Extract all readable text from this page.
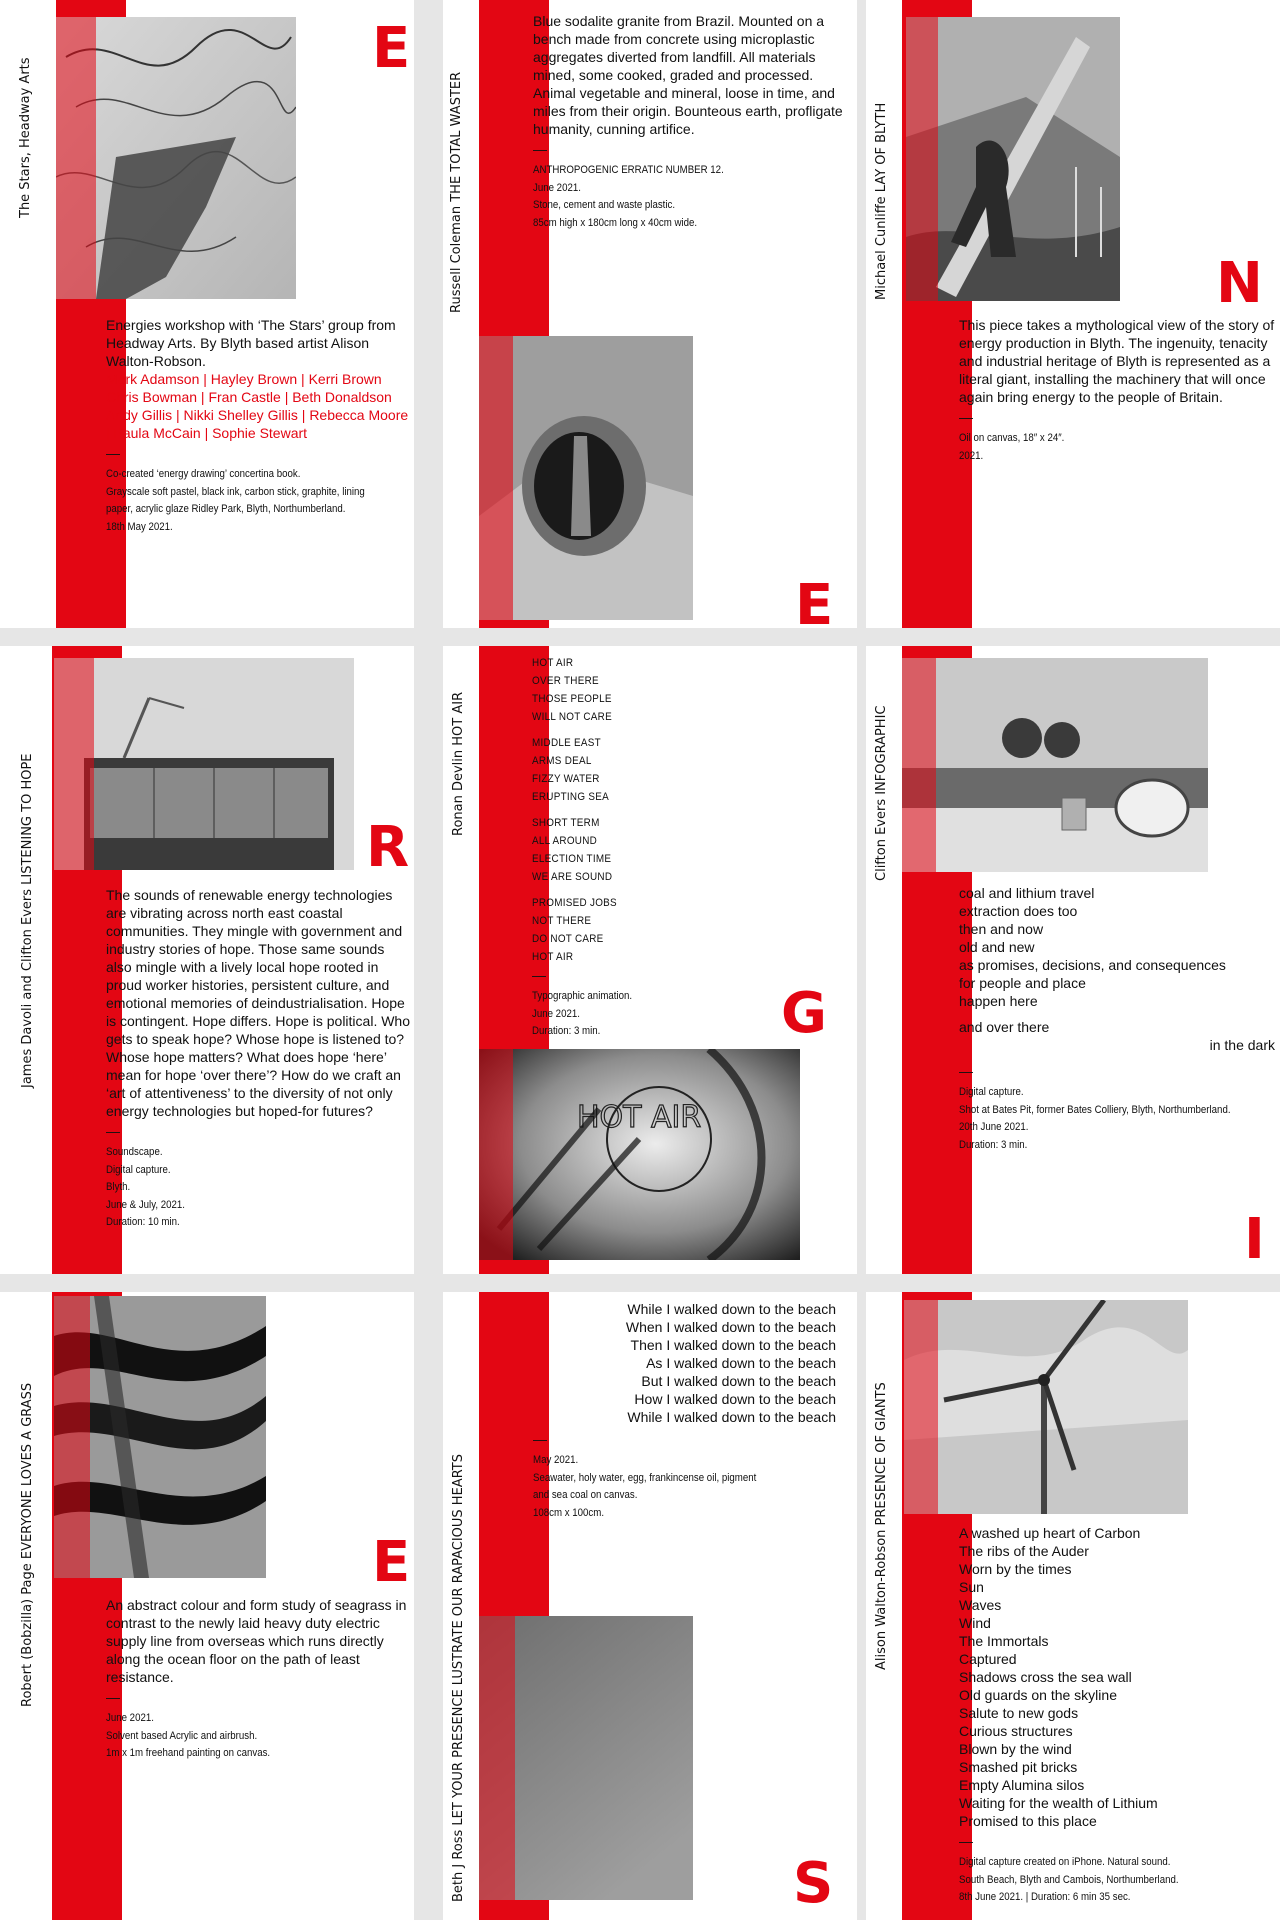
The Stars, Headway Arts
E

Energies workshop with ‘The Stars’ group from Headway Arts. By Blyth based artist Alison Walton-Robson.

Mark Adamson | Hayley Brown | Kerri Brown Chris Bowman | Fran Castle | Beth Donaldson Andy Gillis | Nikki Shelley Gillis | Rebecca Moore | Paula McCain | Sophie Stewart

—
Co-created ‘energy drawing’ concertina book.
Grayscale soft pastel, black ink, carbon stick, graphite, lining
paper, acrylic glaze Ridley Park, Blyth, Northumberland.
18th May 2021.
Russell Coleman THE TOTAL WASTER

Blue sodalite granite from Brazil. Mounted on a bench made from concrete using microplastic aggregates diverted from landfill. All materials mined, some cooked, graded and processed. Animal vegetable and mineral, loose in time, and miles from their origin. Bounteous earth, profligate humanity, cunning artifice.

—
ANTHROPOGENIC ERRATIC NUMBER 12.
June 2021.
Stone, cement and waste plastic.
85cm high x 180cm long x 40cm wide.
E
Michael Cunliffe LAY OF BLYTH	N

This piece takes a mythological view of the story of energy production in Blyth. The ingenuity, tenacity and industrial heritage of Blyth is represented as a literal giant, installing the machinery that will once again bring energy to the people of Britain.

—
Oil on canvas, 18″ x 24″.
2021.
James Davoli and Clifton Evers LISTENING TO HOPE	R

The sounds of renewable energy technologies are vibrating across north east coastal communities. They mingle with government and industry stories of hope. Those same sounds also mingle with a lively local hope rooted in proud worker histories, persistent culture, and emotional memories of deindustrialisation. Hope is contingent. Hope differs. Hope is political. Who gets to speak hope? Whose hope is listened to? Whose hope matters? What does hope ‘here’ mean for hope ‘over there’? How do we craft an ‘art of attentiveness’ to the diversity of not only energy technologies but hoped-for futures?

—
Soundscape.
Digital capture.
Blyth.
June & July, 2021.
Duration: 10 min.
Ronan Devlin HOT AIR
HOT AIR
OVER THERE
THOSE PEOPLE
WILL NOT CARE
MIDDLE EAST
ARMS DEAL
FIZZY WATER
ERUPTING SEA
SHORT TERM
ALL AROUND
ELECTION TIME
WE ARE SOUND
PROMISED JOBS
NOT THERE
DO NOT CARE
HOT AIR
—
Typographic animation.
June 2021.
Duration: 3 min.	G
HOT AIR
Clifton Evers INFOGRAPHIC
coal and lithium travel
extraction does too
then and now
old and new
as promises, decisions, and consequences
for people and place
happen here
and over there
in the dark
—
Digital capture.
Shot at Bates Pit, former Bates Colliery, Blyth, Northumberland.
20th June 2021.
Duration: 3 min.
I
Robert (Bobzilla) Page EVERYONE LOVES A GRASS	E

An abstract colour and form study of seagrass in contrast to the newly laid heavy duty electric supply line from overseas which runs directly along the ocean floor on the path of least resistance.

—
June 2021.
Solvent based Acrylic and airbrush.
1m x 1m freehand painting on canvas.	Beth J Ross LET YOUR PRESENCE LUSTRATE OUR RAPACIOUS HEARTS
While I walked down to the beach
When I walked down to the beach
Then I walked down to the beach
As I walked down to the beach
But I walked down to the beach
How I walked down to the beach
While I walked down to the beach
—
May 2021.
Seawater, holy water, egg, frankincense oil, pigment
and sea coal on canvas.
108cm x 100cm.
S
Alison Walton-Robson PRESENCE OF GIANTS	A washed up heart of Carbon
The ribs of the Auder
Worn by the times
Sun
Waves
Wind
The Immortals
Captured
Shadows cross the sea wall
Old guards on the skyline
Salute to new gods
Curious structures
Blown by the wind
Smashed pit bricks
Empty Alumina silos
Waiting for the wealth of Lithium
Promised to this place
—
Digital capture created on iPhone. Natural sound.
South Beach, Blyth and Cambois, Northumberland.
8th June 2021. | Duration: 6 min 35 sec.
